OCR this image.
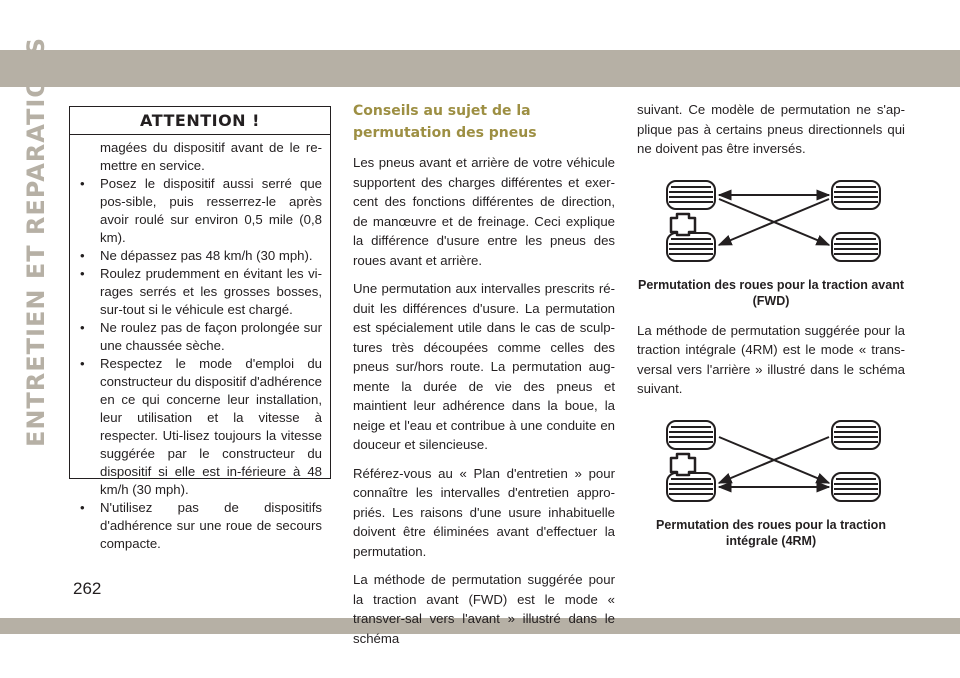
ENTRETIEN ET REPARATIONS
262
ATTENTION !
magées du dispositif avant de le re-mettre en service.
• Posez le dispositif aussi serré que pos-sible, puis resserrez-le après avoir roulé sur environ 0,5 mile (0,8 km).
• Ne dépassez pas 48 km/h (30 mph).
• Roulez prudemment en évitant les vi-rages serrés et les grosses bosses, sur-tout si le véhicule est chargé.
• Ne roulez pas de façon prolongée sur une chaussée sèche.
• Respectez le mode d'emploi du constructeur du dispositif d'adhérence en ce qui concerne leur installation, leur utilisation et la vitesse à respecter. Uti-lisez toujours la vitesse suggérée par le constructeur du dispositif si elle est in-férieure à 48 km/h (30 mph).
• N'utilisez pas de dispositifs d'adhérence sur une roue de secours compacte.
Conseils au sujet de la permutation des pneus

Les pneus avant et arrière de votre véhicule supportent des charges différentes et exer-cent des fonctions différentes de direction, de manœuvre et de freinage. Ceci explique la différence d'usure entre les pneus des roues avant et arrière.

Une permutation aux intervalles prescrits ré-duit les différences d'usure. La permutation est spécialement utile dans le cas de sculp-tures très découpées comme celles des pneus sur/hors route. La permutation aug-mente la durée de vie des pneus et maintient leur adhérence dans la boue, la neige et l'eau et contribue à une conduite en douceur et silencieuse.

Référez-vous au « Plan d'entretien » pour connaître les intervalles d'entretien appro-priés. Les raisons d'une usure inhabituelle doivent être éliminées avant d'effectuer la permutation.

La méthode de permutation suggérée pour la traction avant (FWD) est le mode « transver-sal vers l'avant » illustré dans le schéma

suivant. Ce modèle de permutation ne s'ap-plique pas à certains pneus directionnels qui ne doivent pas être inversés.

Permutation des roues pour la traction avant (FWD)

La méthode de permutation suggérée pour la traction intégrale (4RM) est le mode « trans-versal vers l'arrière » illustré dans le schéma suivant.

Permutation des roues pour la traction intégrale (4RM)
